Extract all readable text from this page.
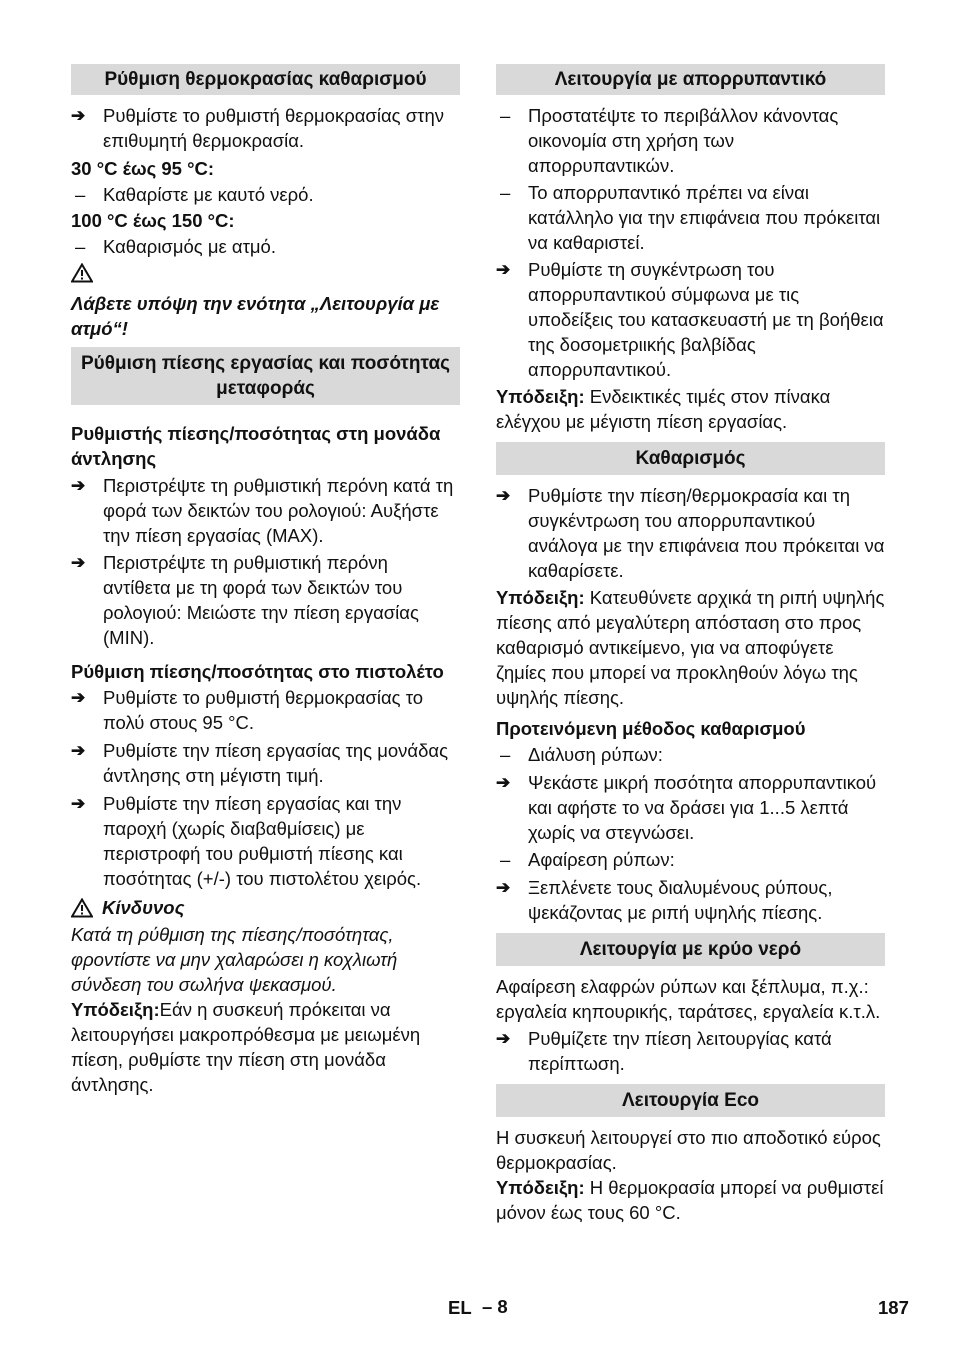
Ρύθμιση θερμοκρασίας καθαρισμού
➔ Ρυθμίστε το ρυθμιστή θερμοκρασίας στην επιθυμητή θερμοκρασία.
30 °C έως 95 °C:
– Καθαρίστε με καυτό νερό.
100 °C έως 150 °C:
– Καθαρισμός με ατμό.
Λάβετε υπόψη την ενότητα „Λειτουργία με ατμό“!
Ρύθμιση πίεσης εργασίας και ποσότητας μεταφοράς
Ρυθμιστής πίεσης/ποσότητας στη μονάδα άντλησης
➔ Περιστρέψτε τη ρυθμιστική περόνη κατά τη φορά των δεικτών του ρολογιού: Αυξήστε την πίεση εργασίας (MAX).
➔ Περιστρέψτε τη ρυθμιστική περόνη αντίθετα με τη φορά των δεικτών του ρολογιού: Μειώστε την πίεση εργασίας (MIN).
Ρύθμιση πίεσης/ποσότητας στο πιστολέτο
➔ Ρυθμίστε το ρυθμιστή θερμοκρασίας το πολύ στους 95 °C.
➔ Ρυθμίστε την πίεση εργασίας της μονάδας άντλησης στη μέγιστη τιμή.
➔ Ρυθμίστε την πίεση εργασίας και την παροχή (χωρίς διαβαθμίσεις) με περιστροφή του ρυθμιστή πίεσης και ποσότητας (+/-) του πιστολέτου χειρός.
Κίνδυνος
Κατά τη ρύθμιση της πίεσης/ποσότητας, φροντίστε να μην χαλαρώσει η κοχλιωτή σύνδεση του σωλήνα ψεκασμού.
Υπόδειξη:Εάν η συσκευή πρόκειται να λειτουργήσει μακροπρόθεσμα με μειωμένη πίεση, ρυθμίστε την πίεση στη μονάδα άντλησης.
Λειτουργία με απορρυπαντικό
– Προστατέψτε το περιβάλλον κάνοντας οικονομία στη χρήση των απορρυπαντικών.
– Το απορρυπαντικό πρέπει να είναι κατάλληλο για την επιφάνεια που πρόκειται να καθαριστεί.
➔ Ρυθμίστε τη συγκέντρωση του απορρυπαντικού σύμφωνα με τις υποδείξεις του κατασκευαστή με τη βοήθεια της δοσομετριικής βαλβίδας απορρυπαντικού.
Υπόδειξη: Ενδεικτικές τιμές στον πίνακα ελέγχου με μέγιστη πίεση εργασίας.
Καθαρισμός
➔ Ρυθμίστε την πίεση/θερμοκρασία και τη συγκέντρωση του απορρυπαντικού ανάλογα με την επιφάνεια που πρόκειται να καθαρίσετε.
Υπόδειξη: Κατευθύνετε αρχικά τη ριπή υψηλής πίεσης από μεγαλύτερη απόσταση στο προς καθαρισμό αντικείμενο, για να αποφύγετε ζημίες που μπορεί να προκληθούν λόγω της υψηλής πίεσης.
Προτεινόμενη μέθοδος καθαρισμού
– Διάλυση ρύπων:
➔ Ψεκάστε μικρή ποσότητα απορρυπαντικού και αφήστε το να δράσει για 1...5 λεπτά χωρίς να στεγνώσει.
– Αφαίρεση ρύπων:
➔ Ξεπλένετε τους διαλυμένους ρύπους, ψεκάζοντας με ριπή υψηλής πίεσης.
Λειτουργία με κρύο νερό
Αφαίρεση ελαφρών ρύπων και ξέπλυμα, π.χ.: εργαλεία κηπουρικής, ταράτσες, εργαλεία κ.τ.λ.
➔ Ρυθμίζετε την πίεση λειτουργίας κατά περίπτωση.
Λειτουργία Eco
Η συσκευή λειτουργεί στο πιο αποδοτικό εύρος θερμοκρασίας.
Υπόδειξη: Η θερμοκρασία μπορεί να ρυθμιστεί μόνον έως τους 60 °C.
EL – 8	187
